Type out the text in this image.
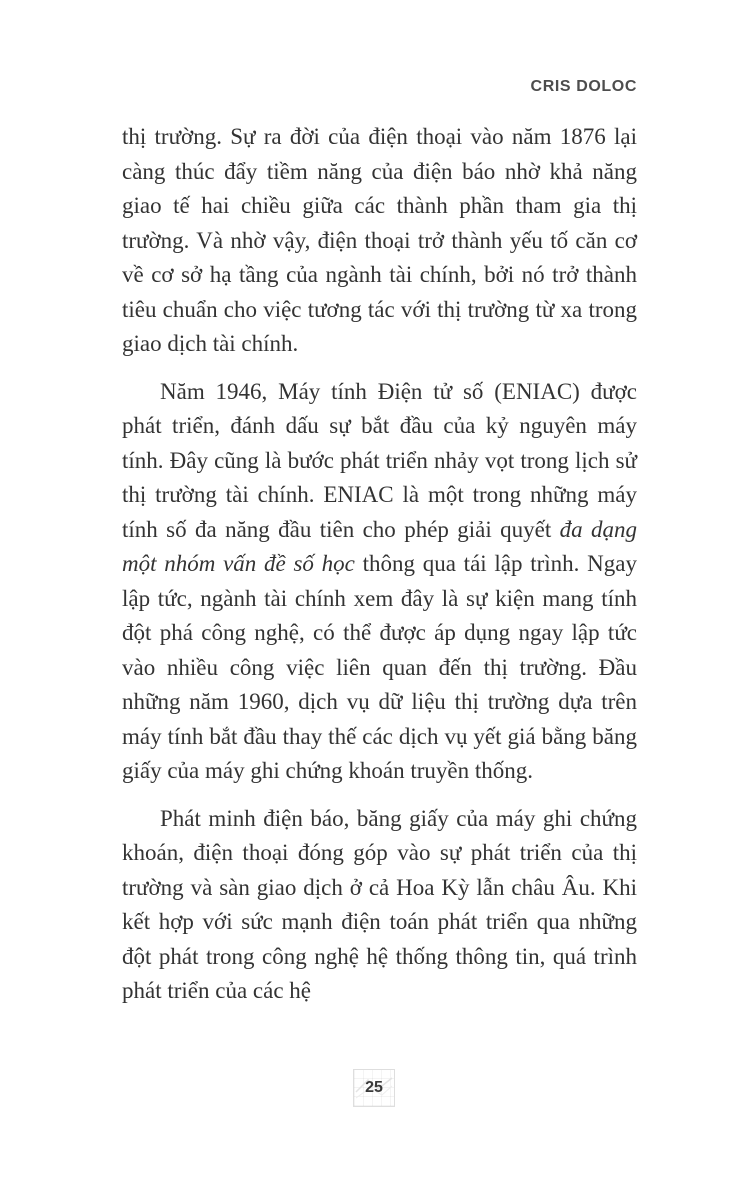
CRIS DOLOC

thị trường. Sự ra đời của điện thoại vào năm 1876 lại càng thúc đẩy tiềm năng của điện báo nhờ khả năng giao tế hai chiều giữa các thành phần tham gia thị trường. Và nhờ vậy, điện thoại trở thành yếu tố căn cơ về cơ sở hạ tầng của ngành tài chính, bởi nó trở thành tiêu chuẩn cho việc tương tác với thị trường từ xa trong giao dịch tài chính.

Năm 1946, Máy tính Điện tử số (ENIAC) được phát triển, đánh dấu sự bắt đầu của kỷ nguyên máy tính. Đây cũng là bước phát triển nhảy vọt trong lịch sử thị trường tài chính. ENIAC là một trong những máy tính số đa năng đầu tiên cho phép giải quyết đa dạng một nhóm vấn đề số học thông qua tái lập trình. Ngay lập tức, ngành tài chính xem đây là sự kiện mang tính đột phá công nghệ, có thể được áp dụng ngay lập tức vào nhiều công việc liên quan đến thị trường. Đầu những năm 1960, dịch vụ dữ liệu thị trường dựa trên máy tính bắt đầu thay thế các dịch vụ yết giá bằng băng giấy của máy ghi chứng khoán truyền thống.

Phát minh điện báo, băng giấy của máy ghi chứng khoán, điện thoại đóng góp vào sự phát triển của thị trường và sàn giao dịch ở cả Hoa Kỳ lẫn châu Âu. Khi kết hợp với sức mạnh điện toán phát triển qua những đột phát trong công nghệ hệ thống thông tin, quá trình phát triển của các hệ

25
